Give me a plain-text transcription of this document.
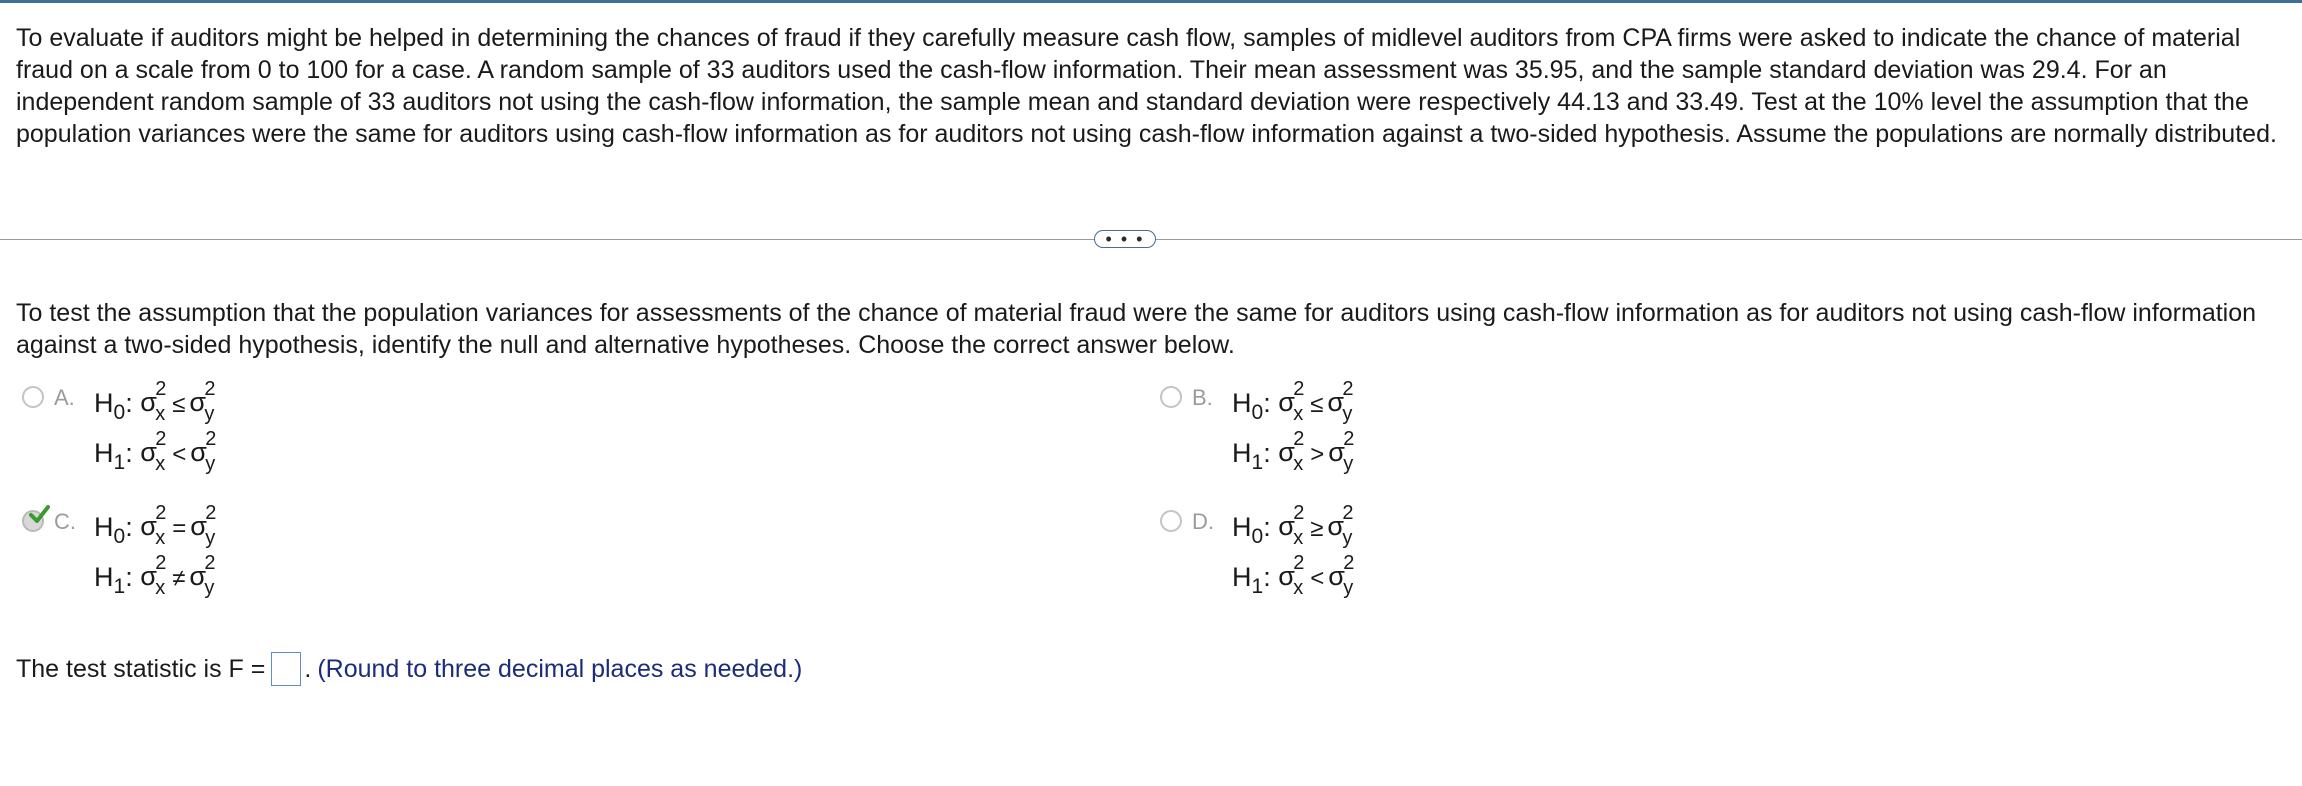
To evaluate if auditors might be helped in determining the chances of fraud if they carefully measure cash flow, samples of midlevel auditors from CPA firms were asked to indicate the chance of material fraud on a scale from 0 to 100 for a case. A random sample of 33 auditors used the cash-flow information. Their mean assessment was 35.95, and the sample standard deviation was 29.4. For an independent random sample of 33 auditors not using the cash-flow information, the sample mean and standard deviation were respectively 44.13 and 33.49. Test at the 10% level the assumption that the population variances were the same for auditors using cash-flow information as for auditors not using cash-flow information against a two-sided hypothesis. Assume the populations are normally distributed.

• • •

To test the assumption that the population variances for assessments of the chance of material fraud were the same for auditors using cash-flow information as for auditors not using cash-flow information against a two-sided hypothesis, identify the null and alternative hypotheses. Choose the correct answer below.

A. $H_0$: σ
2
x ≤ σ
2
y
$H_1$: σ
2
x < σ
2
y
B. $H_0$: σ
2
x ≤ σ
2
y
$H_1$: σ
2
x > σ
2
y
C. $H_0$: σ
2
x = σ
2
y
$H_1$: σ
2
x ≠ σ
2
y
D. $H_0$: σ
2
x ≥ σ
2
y
$H_1$: σ
2
x < σ
2
y
The test statistic is F = . (Round to three decimal places as needed.)
